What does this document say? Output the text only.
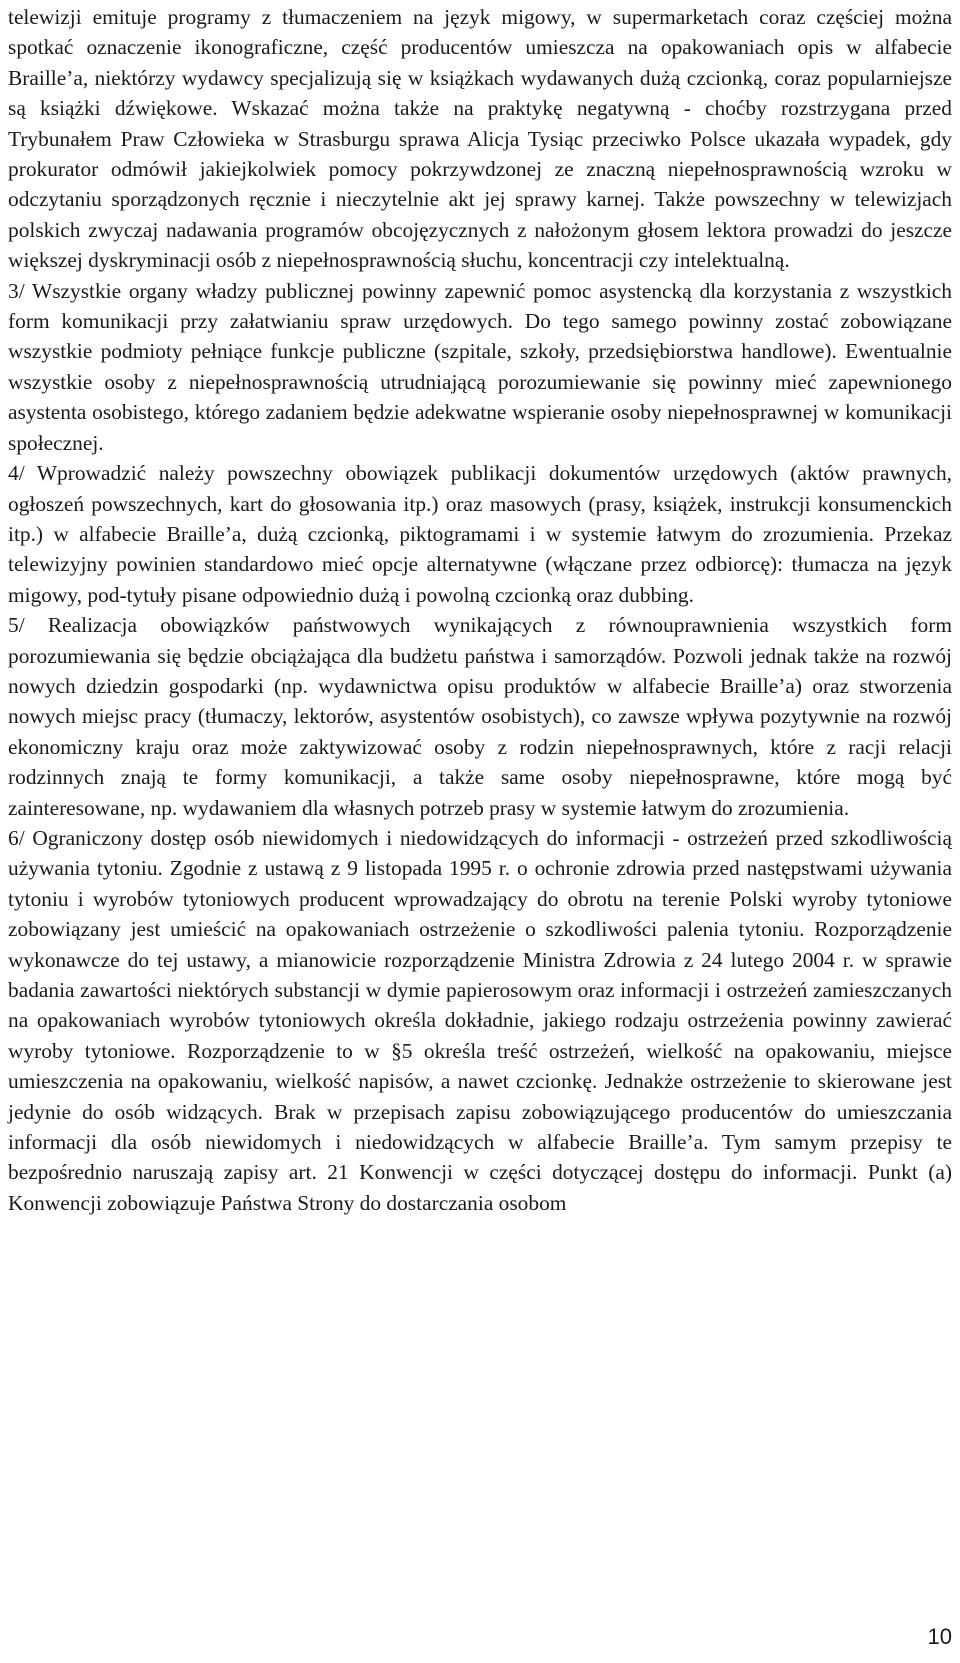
telewizji emituje programy z tłumaczeniem na język migowy, w supermarketach coraz częściej można spotkać oznaczenie ikonograficzne, część producentów umieszcza na opakowaniach opis w alfabecie Braille’a, niektórzy wydawcy specjalizują się w książkach wydawanych dużą czcionką, coraz popularniejsze są książki dźwiękowe. Wskazać można także na praktykę negatywną - choćby rozstrzygana przed Trybunałem Praw Człowieka w Strasburgu sprawa Alicja Tysiąc przeciwko Polsce ukazała wypadek, gdy prokurator odmówił jakiejkolwiek pomocy pokrzywdzonej ze znaczną niepełnosprawnością wzroku w odczytaniu sporządzonych ręcznie i nieczytelnie akt jej sprawy karnej. Także powszechny w telewizjach polskich zwyczaj nadawania programów obcojęzycznych z nałożonym głosem lektora prowadzi do jeszcze większej dyskryminacji osób z niepełnosprawnością słuchu, koncentracji czy intelektualną.

3/ Wszystkie organy władzy publicznej powinny zapewnić pomoc asystencką dla korzystania z wszystkich form komunikacji przy załatwianiu spraw urzędowych. Do tego samego powinny zostać zobowiązane wszystkie podmioty pełniące funkcje publiczne (szpitale, szkoły, przedsiębiorstwa handlowe). Ewentualnie wszystkie osoby z niepełnosprawnością utrudniającą porozumiewanie się powinny mieć zapewnionego asystenta osobistego, którego zadaniem będzie adekwatne wspieranie osoby niepełnosprawnej w komunikacji społecznej.

4/ Wprowadzić należy powszechny obowiązek publikacji dokumentów urzędowych (aktów prawnych, ogłoszeń powszechnych, kart do głosowania itp.) oraz masowych (prasy, książek, instrukcji konsumenckich itp.) w alfabecie Braille’a, dużą czcionką, piktogramami i w systemie łatwym do zrozumienia. Przekaz telewizyjny powinien standardowo mieć opcje alternatywne (włączane przez odbiorcę): tłumacza na język migowy, pod-tytuły pisane odpowiednio dużą i powolną czcionką oraz dubbing.

5/ Realizacja obowiązków państwowych wynikających z równouprawnienia wszystkich form porozumiewania się będzie obciążająca dla budżetu państwa i samorządów. Pozwoli jednak także na rozwój nowych dziedzin gospodarki (np. wydawnictwa opisu produktów w alfabecie Braille’a) oraz stworzenia nowych miejsc pracy (tłumaczy, lektorów, asystentów osobistych), co zawsze wpływa pozytywnie na rozwój ekonomiczny kraju oraz może zaktywizować osoby z rodzin niepełnosprawnych, które z racji relacji rodzinnych znają te formy komunikacji, a także same osoby niepełnosprawne, które mogą być zainteresowane, np. wydawaniem dla własnych potrzeb prasy w systemie łatwym do zrozumienia.

6/ Ograniczony dostęp osób niewidomych i niedowidzących do informacji - ostrzeżeń przed szkodliwością używania tytoniu. Zgodnie z ustawą z 9 listopada 1995 r. o ochronie zdrowia przed następstwami używania tytoniu i wyrobów tytoniowych producent wprowadzający do obrotu na terenie Polski wyroby tytoniowe zobowiązany jest umieścić na opakowaniach ostrzeżenie o szkodliwości palenia tytoniu. Rozporządzenie wykonawcze do tej ustawy, a mianowicie rozporządzenie Ministra Zdrowia z 24 lutego 2004 r. w sprawie badania zawartości niektórych substancji w dymie papierosowym oraz informacji i ostrzeżeń zamieszczanych na opakowaniach wyrobów tytoniowych określa dokładnie, jakiego rodzaju ostrzeżenia powinny zawierać wyroby tytoniowe. Rozporządzenie to w §5 określa treść ostrzeżeń, wielkość na opakowaniu, miejsce umieszczenia na opakowaniu, wielkość napisów, a nawet czcionkę. Jednakże ostrzeżenie to skierowane jest jedynie do osób widzących. Brak w przepisach zapisu zobowiązującego producentów do umieszczania informacji dla osób niewidomych i niedowidzących w alfabecie Braille’a. Tym samym przepisy te bezpośrednio naruszają zapisy art. 21 Konwencji w części dotyczącej dostępu do informacji. Punkt (a) Konwencji zobowiązuje Państwa Strony do dostarczania osobom

10
